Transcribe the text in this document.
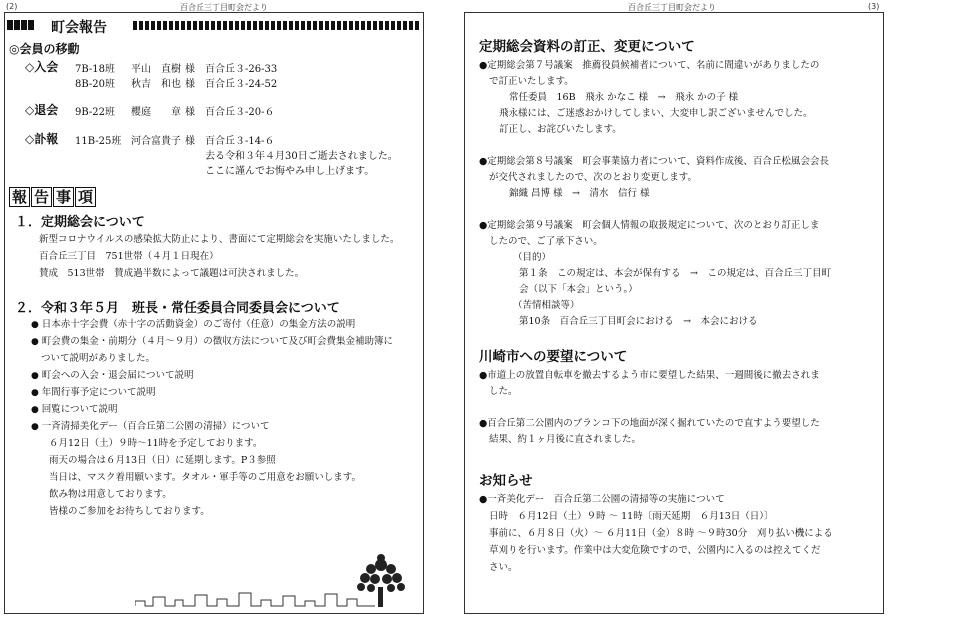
(2)	百合丘三丁目町会だより	百合丘三丁目町会だより	(3)
町会報告
◎会員の移動
◇入会 7B-18班 平山　直樹 様 百合丘３-26-33
8B-20班 秋吉　和也 様 百合丘３-24-52
◇退会 9B-22班 櫻庭　　章 様 百合丘３-20-６
◇訃報 11B-25班 河合富貴子 様 百合丘３-14-６
去る令和３年４月30日ご逝去されました。
ここに謹んでお悔やみ申し上げます。
報 告 事 項
１．定期総会について
新型コロナウイルスの感染拡大防止により、書面にて定期総会を実施いたしました。
百合丘三丁目　751世帯（４月１日現在）
賛成　513世帯　賛成過半数によって議題は可決されました。
２．令和３年５月　班長・常任委員合同委員会について
● 日本赤十字会費（赤十字の活動資金）のご寄付（任意）の集金方法の説明
● 町会費の集金・前期分（４月～９月）の徴収方法について及び町会費集金補助簿に
ついて説明がありました。
● 町会への入会・退会届について説明
● 年間行事予定について説明
● 回覧について説明
● 一斉清掃美化デー（百合丘第二公園の清掃）について
６月12日（土）９時～11時を予定しております。
雨天の場合は６月13日（日）に延期します。P３参照
当日は、マスク着用願います。タオル・軍手等のご用意をお願いします。
飲み物は用意しております。
皆様のご参加をお待ちしております。
定期総会資料の訂正、変更について
●定期総会第７号議案　推薦役員候補者について、名前に間違いがありましたの
で訂正いたします。
常任委員　16B　飛永 かなこ 様　→　飛永 かの子 様
飛永様には、ご迷惑おかけしてしまい、大変申し訳ございませんでした。
訂正し、お詫びいたします。
●定期総会第８号議案　町会事業協力者について、資料作成後、百合丘松風会会長
が交代されましたので、次のとおり変更します。
錦織 昌博 様　→　清水　信行 様
●定期総会第９号議案　町会個人情報の取扱規定について、次のとおり訂正しま
したので、ご了承下さい。
（目的）
第１条　この規定は、本会が保有する　→　この規定は、百合丘三丁目町
会（以下「本会」という。）
（苦情相談等）
第10条　百合丘三丁目町会における　→　本会における
川崎市への要望について
●市道上の放置自転車を撤去するよう市に要望した結果、一週間後に撤去されま
した。
●百合丘第二公園内のブランコ下の地面が深く掘れていたので直すよう要望した
結果、約１ヶ月後に直されました。
お知らせ
●一斉美化デー　百合丘第二公園の清掃等の実施について
日時　６月12日（土）９時 ～ 11時〔雨天延期　６月13日（日）〕
事前に、６月８日（火）～ ６月11日（金）８時 ～９時30分　刈り払い機による
草刈りを行います。作業中は大変危険ですので、公園内に入るのは控えてくだ
さい。
